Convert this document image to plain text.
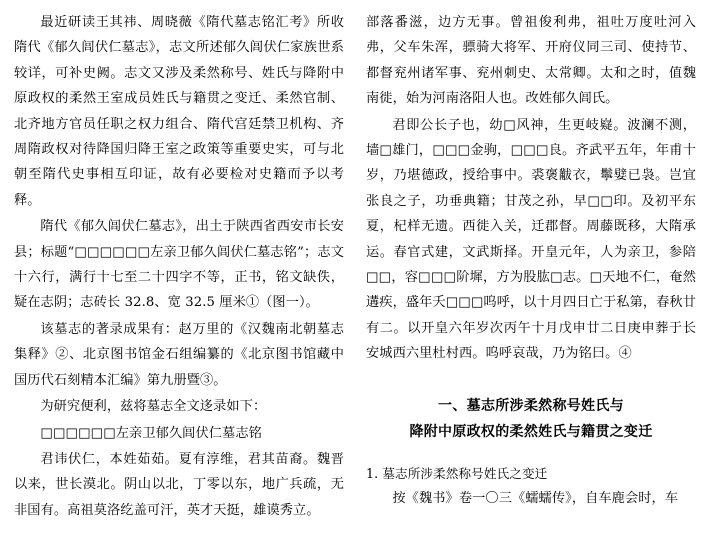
最近研读王其祎、周晓薇《隋代墓志铭汇考》所收隋代《郁久闾伏仁墓志》，志文所述郁久闾伏仁家族世系较详，可补史阙。志文又涉及柔然称号、姓氏与降附中原政权的柔然王室成员姓氏与籍贯之变迁、柔然官制、北齐地方官员任职之权力组合、隋代宫廷禁卫机构、齐周隋政权对待降国归降王室之政策等重要史实，可与北朝至隋代史事相互印证，故有必要检对史籍而予以考释。

隋代《郁久闾伏仁墓志》，出土于陕西省西安市长安县；标题“□□□□□□左亲卫郁久闾伏仁墓志铭”；志文十六行，满行十七至二十四字不等，正书，铭文缺佚，疑在志阴；志砖长 32.8、宽 32.5 厘米①（图一）。

该墓志的著录成果有：赵万里的《汉魏南北朝墓志集释》②、北京图书馆金石组编纂的《北京图书馆藏中国历代石刻精本汇编》第九册暨③。

为研究便利，兹将墓志全文迻录如下：

□□□□□□左亲卫郁久闾伏仁墓志铭

君讳伏仁，本姓茹茹。夏有淳维，君其苗裔。魏晋以来，世长漠北。阴山以北，丁零以东，地广兵疏，无非国有。高祖莫洛纥盖可汗，英才天挺，雄谟秀立。

部落番滋，边方无事。曾祖俊利弗，祖吐万度吐河入弗，父车朱浑，骠骑大将军、开府仪同三司、使持节、都督兖州诸军事、兖州刺史、太常卿。太和之时，值魏南徙，始为河南洛阳人也。改姓郁久闾氏。

君即公长子也，幼□风神，生更岐嶷。波澜不测，墙□雄门，□□□金驹，□□□良。齐武平五年，年甫十岁，乃堪德政，授给事中。裘褒黻衣，鬡嬖已袅。岂宜张良之子，功垂典籍；甘茂之孙，早□□印。及初平东夏，杞样无遗。西徙入关，迁郡督。周藤既移，大隋承运。春官式建，文武斯择。开皇元年，人为亲卫，参陪□□，容□□□阶墀，方为股肱□志。□天地不仁，奄然遘疾，盛年夭□□□呜呼，以十月四日亡于私第，春秋廿有二。以开皇六年岁次丙午十月戊申廿二日庚申葬于长安城西六里杜村西。呜呼哀哉，乃为铭曰。④

一、墓志所涉柔然称号姓氏与
降附中原政权的柔然姓氏与籍贯之变迁

1. 墓志所涉柔然称号姓氏之变迁

按《魏书》卷一〇三《蠕蠕传》，自车鹿会时，车
